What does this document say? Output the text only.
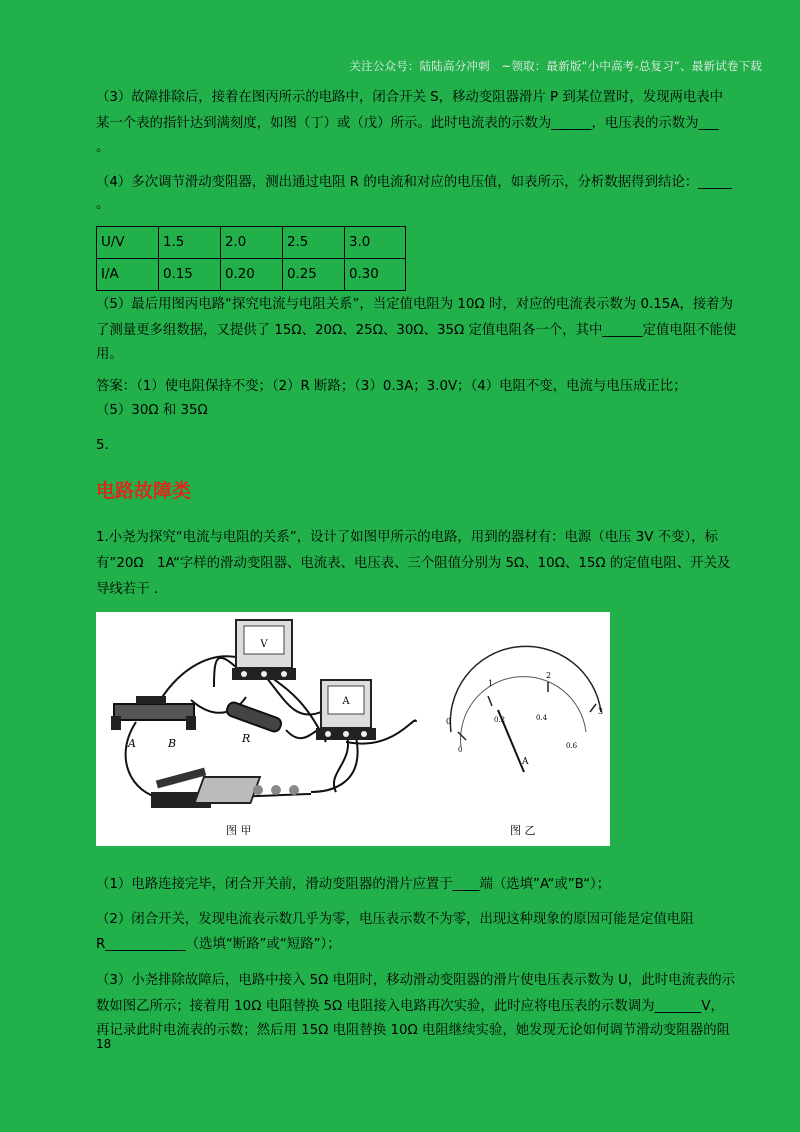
关注公众号：陆陆高分冲刺　~领取：最新版“小中高考-总复习”、最新试卷下载
（3）故障排除后，接着在图丙所示的电路中，闭合开关 S，移动变阻器滑片 P 到某位置时，发现两电表中
某一个表的指针达到满刻度，如图（丁）或（戊）所示。此时电流表的示数为______，电压表的示数为___
。
（4）多次调节滑动变阻器，测出通过电阻 R 的电流和对应的电压值，如表所示，分析数据得到结论：_____
。
U/V	1.5	2.0	2.5	3.0
I/A	0.15	0.20	0.25	0.30
（5）最后用图丙电路“探究电流与电阻关系”，当定值电阻为 10Ω 时，对应的电流表示数为 0.15A，接着为
了测量更多组数据，又提供了 15Ω、20Ω、25Ω、30Ω、35Ω 定值电阻各一个，其中______定值电阻不能使
用。
答案：（1）使电阻保持不变；（2）R 断路；（3）0.3A；3.0V；（4）电阻不变，电流与电压成正比；
（5）30Ω 和 35Ω
5.
电路故障类
1.小尧为探究“电流与电阻的关系”，设计了如图甲所示的电路，用到的器材有：电源（电压 3V 不变），标
有”20Ω　1A“字样的滑动变阻器、电流表、电压表、三个阻值分别为 5Ω、10Ω、15Ω 的定值电阻、开关及
导线若干 .
V
A
A	B	R
0
1
2
3
0.2	0.4
0	0.6
A
图 甲	图 乙
（1）电路连接完毕，闭合开关前，滑动变阻器的滑片应置于____端（选填”A“或”B“）；
（2）闭合开关，发现电流表示数几乎为零，电压表示数不为零，出现这种现象的原因可能是定值电阻
R____________（选填“断路”或“短路”）；
（3）小尧排除故障后，电路中接入 5Ω 电阻时，移动滑动变阻器的滑片使电压表示数为 U，此时电流表的示
数如图乙所示；接着用 10Ω 电阻替换 5Ω 电阻接入电路再次实验，此时应将电压表的示数调为_______V，
再记录此时电流表的示数；然后用 15Ω 电阻替换 10Ω 电阻继续实验，她发现无论如何调节滑动变阻器的阻
18
